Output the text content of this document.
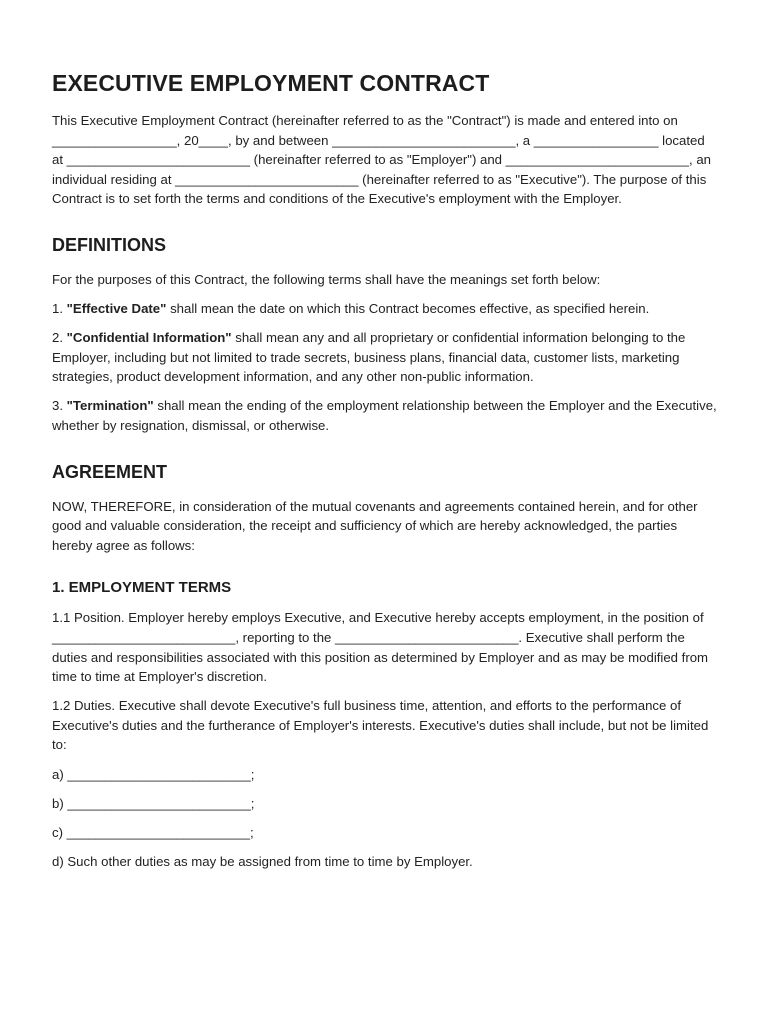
EXECUTIVE EMPLOYMENT CONTRACT

This Executive Employment Contract (hereinafter referred to as the "Contract") is made and entered into on _________________, 20____, by and between _________________________, a _________________ located at _________________________ (hereinafter referred to as "Employer") and _________________________, an individual residing at _________________________ (hereinafter referred to as "Executive"). The purpose of this Contract is to set forth the terms and conditions of the Executive's employment with the Employer.

DEFINITIONS

For the purposes of this Contract, the following terms shall have the meanings set forth below:

1. "Effective Date" shall mean the date on which this Contract becomes effective, as specified herein.

2. "Confidential Information" shall mean any and all proprietary or confidential information belonging to the Employer, including but not limited to trade secrets, business plans, financial data, customer lists, marketing strategies, product development information, and any other non-public information.

3. "Termination" shall mean the ending of the employment relationship between the Employer and the Executive, whether by resignation, dismissal, or otherwise.

AGREEMENT

NOW, THEREFORE, in consideration of the mutual covenants and agreements contained herein, and for other good and valuable consideration, the receipt and sufficiency of which are hereby acknowledged, the parties hereby agree as follows:

1. EMPLOYMENT TERMS

1.1 Position. Employer hereby employs Executive, and Executive hereby accepts employment, in the position of _________________________, reporting to the _________________________. Executive shall perform the duties and responsibilities associated with this position as determined by Employer and as may be modified from time to time at Employer's discretion.

1.2 Duties. Executive shall devote Executive's full business time, attention, and efforts to the performance of Executive's duties and the furtherance of Employer's interests. Executive's duties shall include, but not be limited to:

a) _________________________;

b) _________________________;

c) _________________________;

d) Such other duties as may be assigned from time to time by Employer.
